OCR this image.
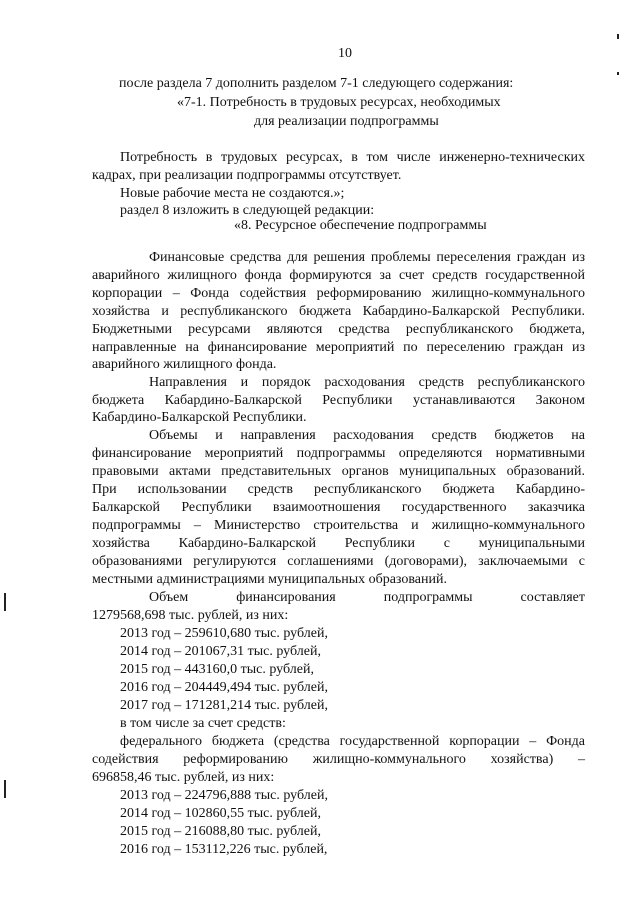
10
после раздела 7 дополнить разделом 7-1 следующего содержания:
«7-1. Потребность в трудовых ресурсах, необходимых
для реализации подпрограммы
Потребность в трудовых ресурсах, в том числе инженерно-технических
кадрах, при реализации подпрограммы отсутствует.
Новые рабочие места не создаются.»;
раздел 8 изложить в следующей редакции:
«8. Ресурсное обеспечение подпрограммы
Финансовые средства для решения проблемы переселения граждан из
аварийного жилищного фонда формируются за счет средств государственной
корпорации – Фонда содействия реформированию жилищно-коммунального
хозяйства и республиканского бюджета Кабардино-Балкарской Республики.
Бюджетными ресурсами являются средства республиканского бюджета,
направленные на финансирование мероприятий по переселению граждан из
аварийного жилищного фонда.
Направления и порядок расходования средств республиканского
бюджета Кабардино-Балкарской Республики устанавливаются Законом
Кабардино-Балкарской Республики.
Объемы и направления расходования средств бюджетов на
финансирование мероприятий подпрограммы определяются нормативными
правовыми актами представительных органов муниципальных образований.
При использовании средств республиканского бюджета Кабардино-
Балкарской Республики взаимоотношения государственного заказчика
подпрограммы – Министерство строительства и жилищно-коммунального
хозяйства Кабардино-Балкарской Республики с муниципальными
образованиями регулируются соглашениями (договорами), заключаемыми с
местными администрациями муниципальных образований.
Объем финансирования подпрограммы составляет
1279568,698 тыс. рублей, из них:
2013 год – 259610,680 тыс. рублей,
2014 год – 201067,31 тыс. рублей,
2015 год – 443160,0 тыс. рублей,
2016 год – 204449,494 тыс. рублей,
2017 год – 171281,214 тыс. рублей,
в том числе за счет средств:
федерального бюджета (средства государственной корпорации – Фонда
содействия реформированию жилищно-коммунального хозяйства) –
696858,46 тыс. рублей, из них:
2013 год – 224796,888 тыс. рублей,
2014 год – 102860,55 тыс. рублей,
2015 год – 216088,80 тыс. рублей,
2016 год – 153112,226 тыс. рублей,
